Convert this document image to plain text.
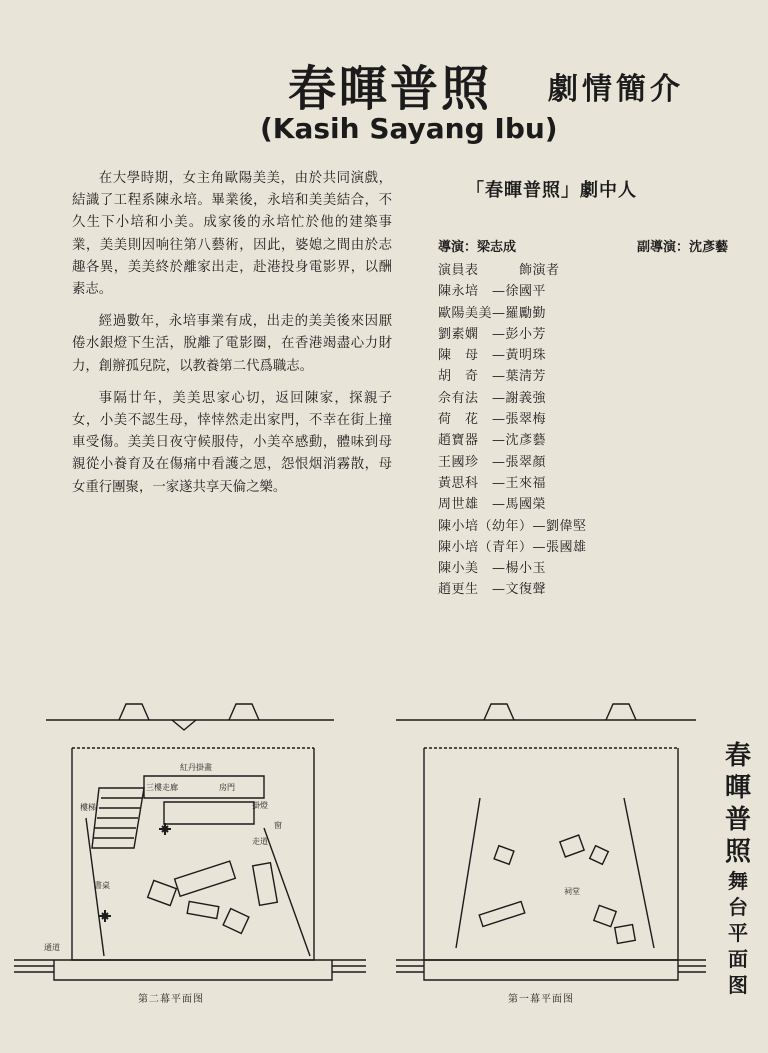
春暉普照 劇情簡介
(Kasih Sayang Ibu)

在大學時期，女主角歐陽美美，由於共同演戲，結識了工程系陳永培。畢業後，永培和美美結合，不久生下小培和小美。成家後的永培忙於他的建築事業，美美則因响往第八藝術，因此，婆媳之間由於志趣各異，美美終於離家出走，赴港投身電影界，以酬素志。

經過數年，永培事業有成，出走的美美後來因厭倦水銀燈下生活，脫離了電影圈，在香港竭盡心力財力，創辦孤兒院，以教養第二代爲職志。

事隔廿年，美美思家心切，返回陳家，探親子女，小美不認生母，悻悻然走出家門，不幸在街上撞車受傷。美美日夜守候服侍，小美卒感動，體味到母親從小養育及在傷痛中看護之恩，怨恨烟消霧散，母女重行團聚，一家遂共享天倫之樂。

「春暉普照」劇中人
導演：梁志成	副導演：沈彥藝
演員表　　　飾演者
陳永培　—徐國平
歐陽美美—羅勵勤
劉素嫻　—彭小芳
陳　母　—黃明珠
胡　奇　—葉淸芳
佘有法　—謝義強
荷　花　—張翠梅
趙寶器　—沈彥藝
王國珍　—張翠顏
黃思科　—王來福
周世雄　—馬國榮
陳小培（幼年）—劉偉堅
陳小培（青年）—張國雄
陳小美　—楊小玉
趙更生　—文復聲
紅丹掛畫
三樓走廊	房門
掛燈
窗
走道
樓梯
書桌
通道
第二幕平面图
祠堂
第一幕平面图
春
暉
普
照
舞
台
平
面
图
